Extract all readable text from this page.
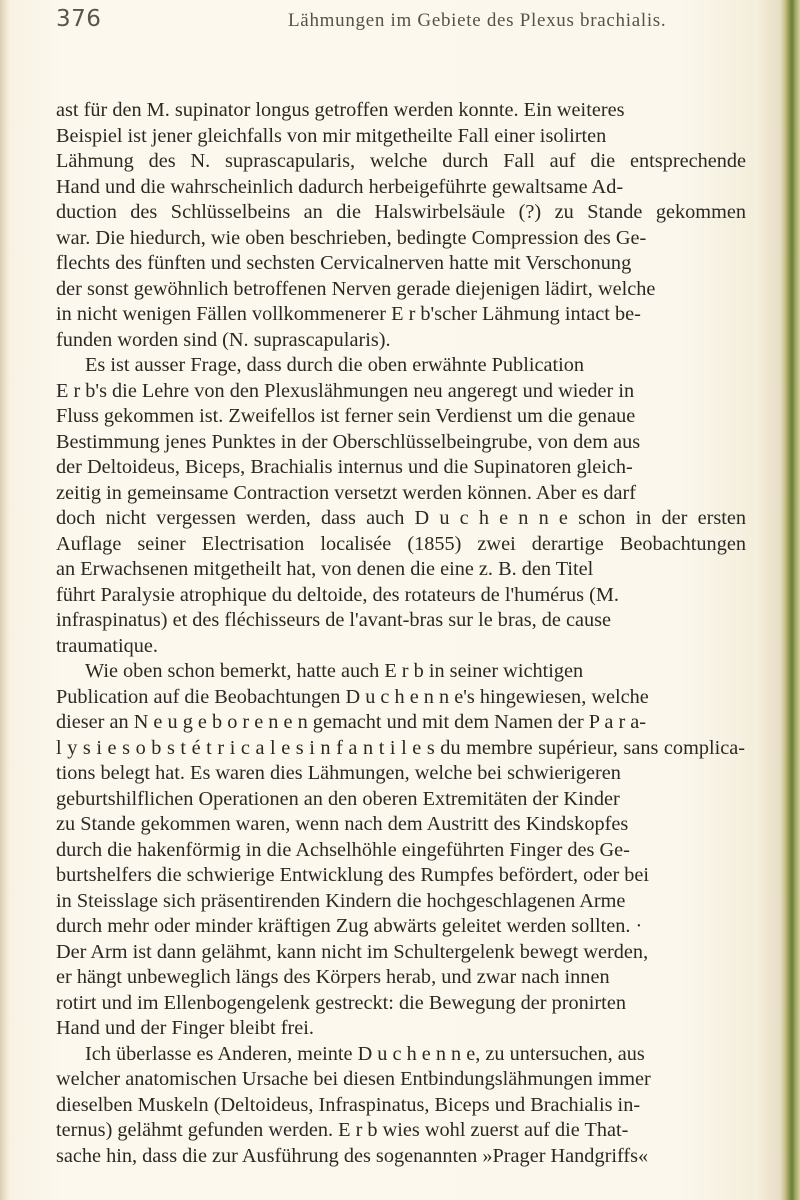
376	Lähmungen im Gebiete des Plexus brachialis.
ast für den M. supinator longus getroffen werden konnte. Ein weiteres
Beispiel ist jener gleichfalls von mir mitgetheilte Fall einer isolirten
Lähmung des N. suprascapularis, welche durch Fall auf die entsprechende
Hand und die wahrscheinlich dadurch herbeigeführte gewaltsame Ad-
duction des Schlüsselbeins an die Halswirbelsäule (?) zu Stande gekommen
war. Die hiedurch, wie oben beschrieben, bedingte Compression des Ge-
flechts des fünften und sechsten Cervicalnerven hatte mit Verschonung
der sonst gewöhnlich betroffenen Nerven gerade diejenigen lädirt, welche
in nicht wenigen Fällen vollkommenerer E r b'scher Lähmung intact be-
funden worden sind (N. suprascapularis).
Es ist ausser Frage, dass durch die oben erwähnte Publication
E r b's die Lehre von den Plexuslähmungen neu angeregt und wieder in
Fluss gekommen ist. Zweifellos ist ferner sein Verdienst um die genaue
Bestimmung jenes Punktes in der Oberschlüsselbeingrube, von dem aus
der Deltoideus, Biceps, Brachialis internus und die Supinatoren gleich-
zeitig in gemeinsame Contraction versetzt werden können. Aber es darf
doch nicht vergessen werden, dass auch D u c h e n n e schon in der ersten
Auflage seiner Electrisation localisée (1855) zwei derartige Beobachtungen
an Erwachsenen mitgetheilt hat, von denen die eine z. B. den Titel
führt Paralysie atrophique du deltoide, des rotateurs de l'humérus (M.
infraspinatus) et des fléchisseurs de l'avant-bras sur le bras, de cause
traumatique.
Wie oben schon bemerkt, hatte auch E r b in seiner wichtigen
Publication auf die Beobachtungen D u c h e n n e's hingewiesen, welche
dieser an N e u g e b o r e n e n gemacht und mit dem Namen der P a r a-
l y s i e s o b s t é t r i c a l e s i n f a n t i l e s du membre supérieur, sans complica-
tions belegt hat. Es waren dies Lähmungen, welche bei schwierigeren
geburtshilflichen Operationen an den oberen Extremitäten der Kinder
zu Stande gekommen waren, wenn nach dem Austritt des Kindskopfes
durch die hakenförmig in die Achselhöhle eingeführten Finger des Ge-
burtshelfers die schwierige Entwicklung des Rumpfes befördert, oder bei
in Steisslage sich präsentirenden Kindern die hochgeschlagenen Arme
durch mehr oder minder kräftigen Zug abwärts geleitet werden sollten. ·
Der Arm ist dann gelähmt, kann nicht im Schultergelenk bewegt werden,
er hängt unbeweglich längs des Körpers herab, und zwar nach innen
rotirt und im Ellenbogengelenk gestreckt: die Bewegung der pronirten
Hand und der Finger bleibt frei.
Ich überlasse es Anderen, meinte D u c h e n n e, zu untersuchen, aus
welcher anatomischen Ursache bei diesen Entbindungslähmungen immer
dieselben Muskeln (Deltoideus, Infraspinatus, Biceps und Brachialis in-
ternus) gelähmt gefunden werden. E r b wies wohl zuerst auf die That-
sache hin, dass die zur Ausführung des sogenannten »Prager Handgriffs«
